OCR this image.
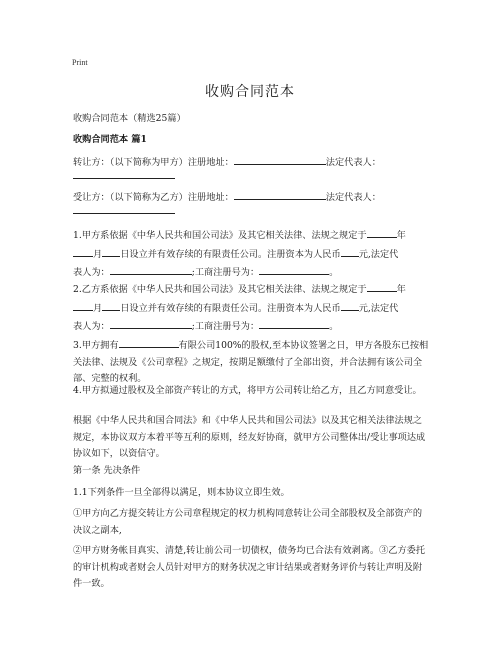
Print
收购合同范本
收购合同范本（精选25篇）
收购合同范本 篇1
转让方：（以下简称为甲方）注册地址：	法定代表人：
受让方：（以下简称为乙方）注册地址：	法定代表人：
1.甲方系依据《中华人民共和国公司法》及其它相关法律、法规之规定于	年
月 日设立并有效存续的有限责任公司。注册资本为人民币 元,法定代
表人为：	;工商注册号为：	。
2.乙方系依据《中华人民共和国公司法》及其它相关法律、法规之规定于	年
月 日设立并有效存续的有限责任公司。注册资本为人民币 元,法定代
表人为：	;工商注册号为：	。
3.甲方拥有	有限公司100%的股权,至本协议签署之日，甲方各股东已按相关法律、法规及《公司章程》之规定，按期足额缴付了全部出资，并合法拥有该公司全部、完整的权利。
4.甲方拟通过股权及全部资产转让的方式，将甲方公司转让给乙方，且乙方同意受让。
根据《中华人民共和国合同法》和《中华人民共和国公司法》以及其它相关法律法规之规定，本协议双方本着平等互利的原则，经友好协商，就甲方公司整体出/受让事项达成协议如下，以资信守。
第一条 先决条件
1.1下列条件一旦全部得以满足，则本协议立即生效。
①甲方向乙方提交转让方公司章程规定的权力机构同意转让公司全部股权及全部资产的决议之副本,
②甲方财务帐目真实、清楚,转让前公司一切债权，债务均已合法有效剥离。③乙方委托的审计机构或者财会人员针对甲方的财务状况之审计结果或者财务评价与转让声明及附件一致。
